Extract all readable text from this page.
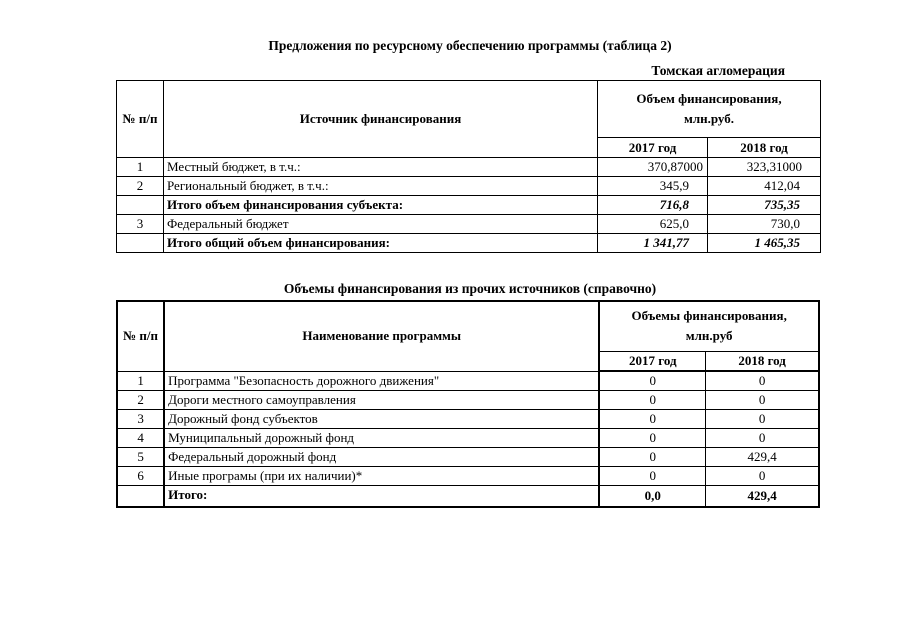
Предложения по ресурсному обеспечению программы (таблица 2)
Томская агломерация
№ п/п	Источник финансирования	Объем финансирования, млн.руб.	
		2017 год	2018 год
1	Местный бюджет, в т.ч.:	370,87000	323,31000
2	Региональный бюджет, в т.ч.:	345,9	412,04
	Итого объем финансирования субъекта:	716,8	735,35
3	Федеральный бюджет	625,0	730,0
	Итого общий объем финансирования:	1 341,77	1 465,35
Объемы финансирования из прочих источников (справочно)
№ п/п	Наименование программы	Объемы финансирования, млн.руб	
		2017 год	2018 год
1	Программа "Безопасность дорожного движения"	0	0
2	Дороги местного самоуправления	0	0
3	Дорожный фонд субъектов	0	0
4	Муниципальный дорожный фонд	0	0
5	Федеральный дорожный фонд	0	429,4
6	Иные програмы (при их наличии)*	0	0
	Итого:	0,0	429,4
